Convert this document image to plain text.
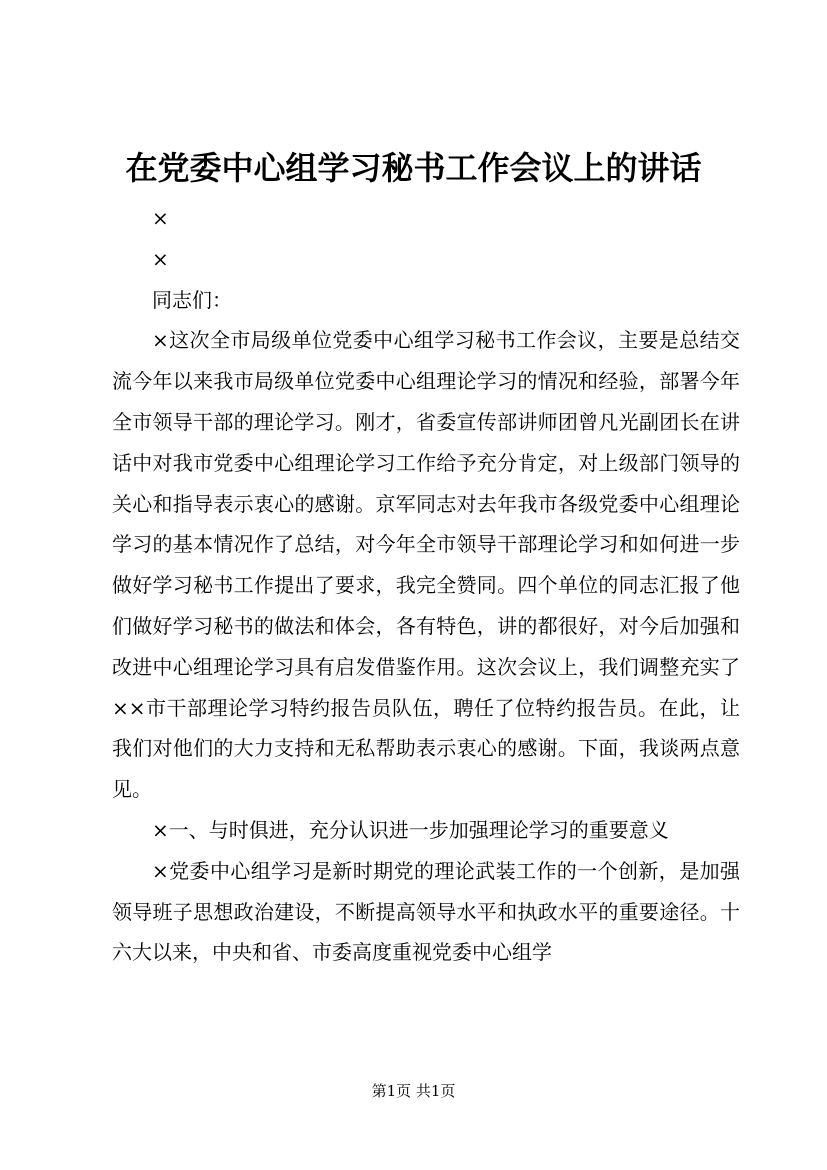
在党委中心组学习秘书工作会议上的讲话

×

×

同志们：

×这次全市局级单位党委中心组学习秘书工作会议，主要是总结交流今年以来我市局级单位党委中心组理论学习的情况和经验，部署今年全市领导干部的理论学习。刚才，省委宣传部讲师团曾凡光副团长在讲话中对我市党委中心组理论学习工作给予充分肯定，对上级部门领导的关心和指导表示衷心的感谢。京军同志对去年我市各级党委中心组理论学习的基本情况作了总结，对今年全市领导干部理论学习和如何进一步做好学习秘书工作提出了要求，我完全赞同。四个单位的同志汇报了他们做好学习秘书的做法和体会，各有特色，讲的都很好，对今后加强和改进中心组理论学习具有启发借鉴作用。这次会议上，我们调整充实了××市干部理论学习特约报告员队伍，聘任了位特约报告员。在此，让我们对他们的大力支持和无私帮助表示衷心的感谢。下面，我谈两点意见。

×一、与时俱进，充分认识进一步加强理论学习的重要意义

×党委中心组学习是新时期党的理论武装工作的一个创新，是加强领导班子思想政治建设，不断提高领导水平和执政水平的重要途径。十六大以来，中央和省、市委高度重视党委中心组学

第1页 共1页
